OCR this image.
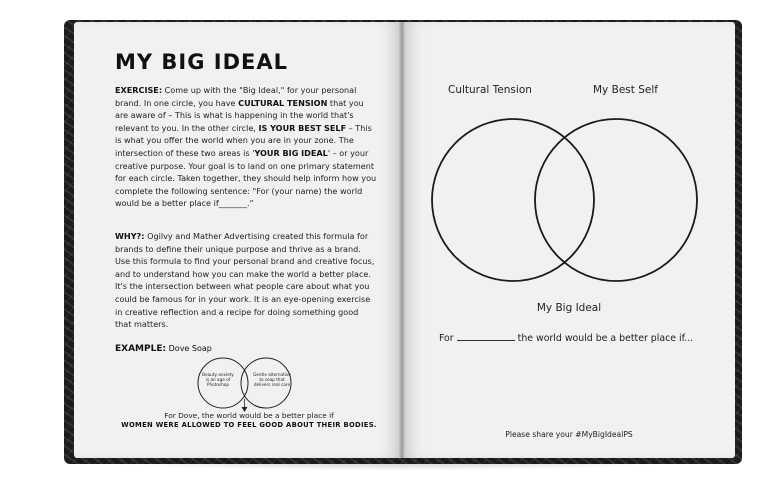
MY BIG IDEAL
EXERCISE: Come up with the "Big Ideal," for your personal brand. In one circle, you have CULTURAL TENSION that you are aware of – This is what is happening in the world that's relevant to you. In the other circle, IS YOUR BEST SELF – This is what you offer the world when you are in your zone. The intersection of these two areas is 'YOUR BIG IDEAL' – or your creative purpose. Your goal is to land on one primary statement for each circle. Taken together, they should help inform how you complete the following sentence: "For (your name) the world would be a better place if_______."
WHY?: Ogilvy and Mather Advertising created this formula for brands to define their unique purpose and thrive as a brand. Use this formula to find your personal brand and creative focus, and to understand how you can make the world a better place. It's the intersection between what people care about what you could be famous for in your work. It is an eye-opening exercise in creative reflection and a recipe for doing something good that matters.
EXAMPLE: Dove Soap
Beauty anxiety
is an age of
Photoshop
Gentle alternative
to soap that
delivers real care
For Dove, the world would be a better place if
WOMEN WERE ALLOWED TO FEEL GOOD ABOUT THEIR BODIES.
Cultural Tension	My Best Self
My Big Ideal
For	the world would be a better place if...
Please share your #MyBigIdealPS
